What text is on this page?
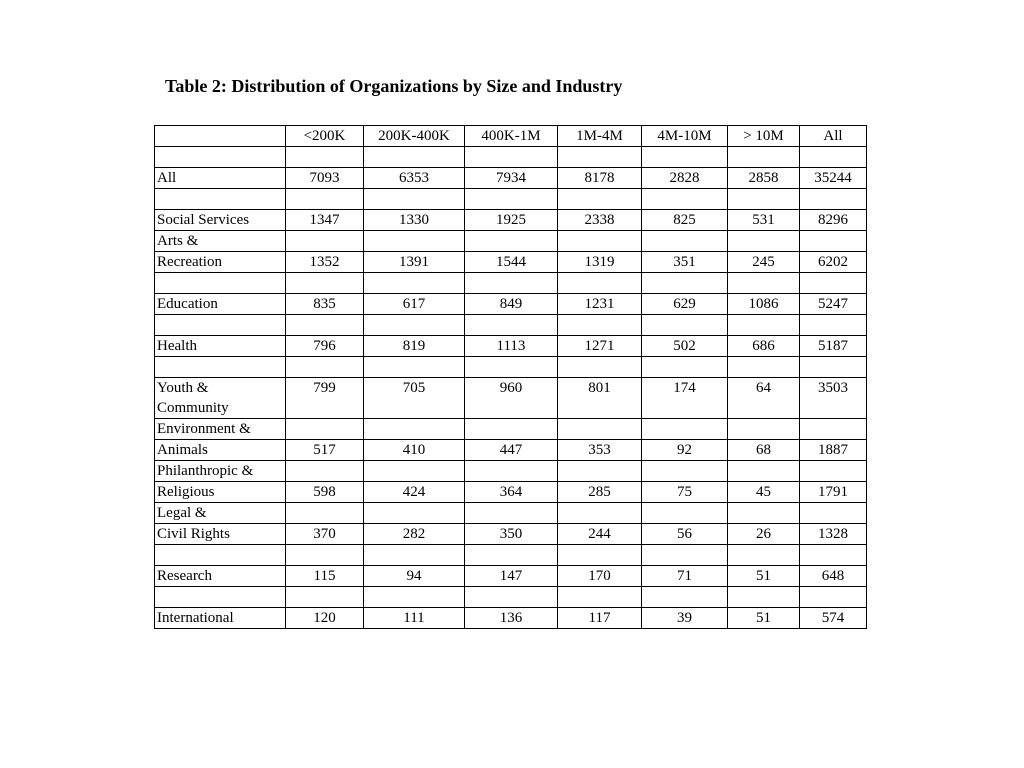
Table 2: Distribution of Organizations by Size and Industry
	<200K	200K-400K	400K-1M	1M-4M	4M-10M	> 10M	All

All	7093	6353	7934	8178	2828	2858	35244

Social Services	1347	1330	1925	2338	825	531	8296
Arts &							
Recreation	1352	1391	1544	1319	351	245	6202

Education	835	617	849	1231	629	1086	5247

Health	796	819	1113	1271	502	686	5187

Youth &
Community	799	705	960	801	174	64	3503
Environment &							
Animals	517	410	447	353	92	68	1887
Philanthropic &							
Religious	598	424	364	285	75	45	1791
Legal &							
Civil Rights	370	282	350	244	56	26	1328

Research	115	94	147	170	71	51	648

International	120	111	136	117	39	51	574
